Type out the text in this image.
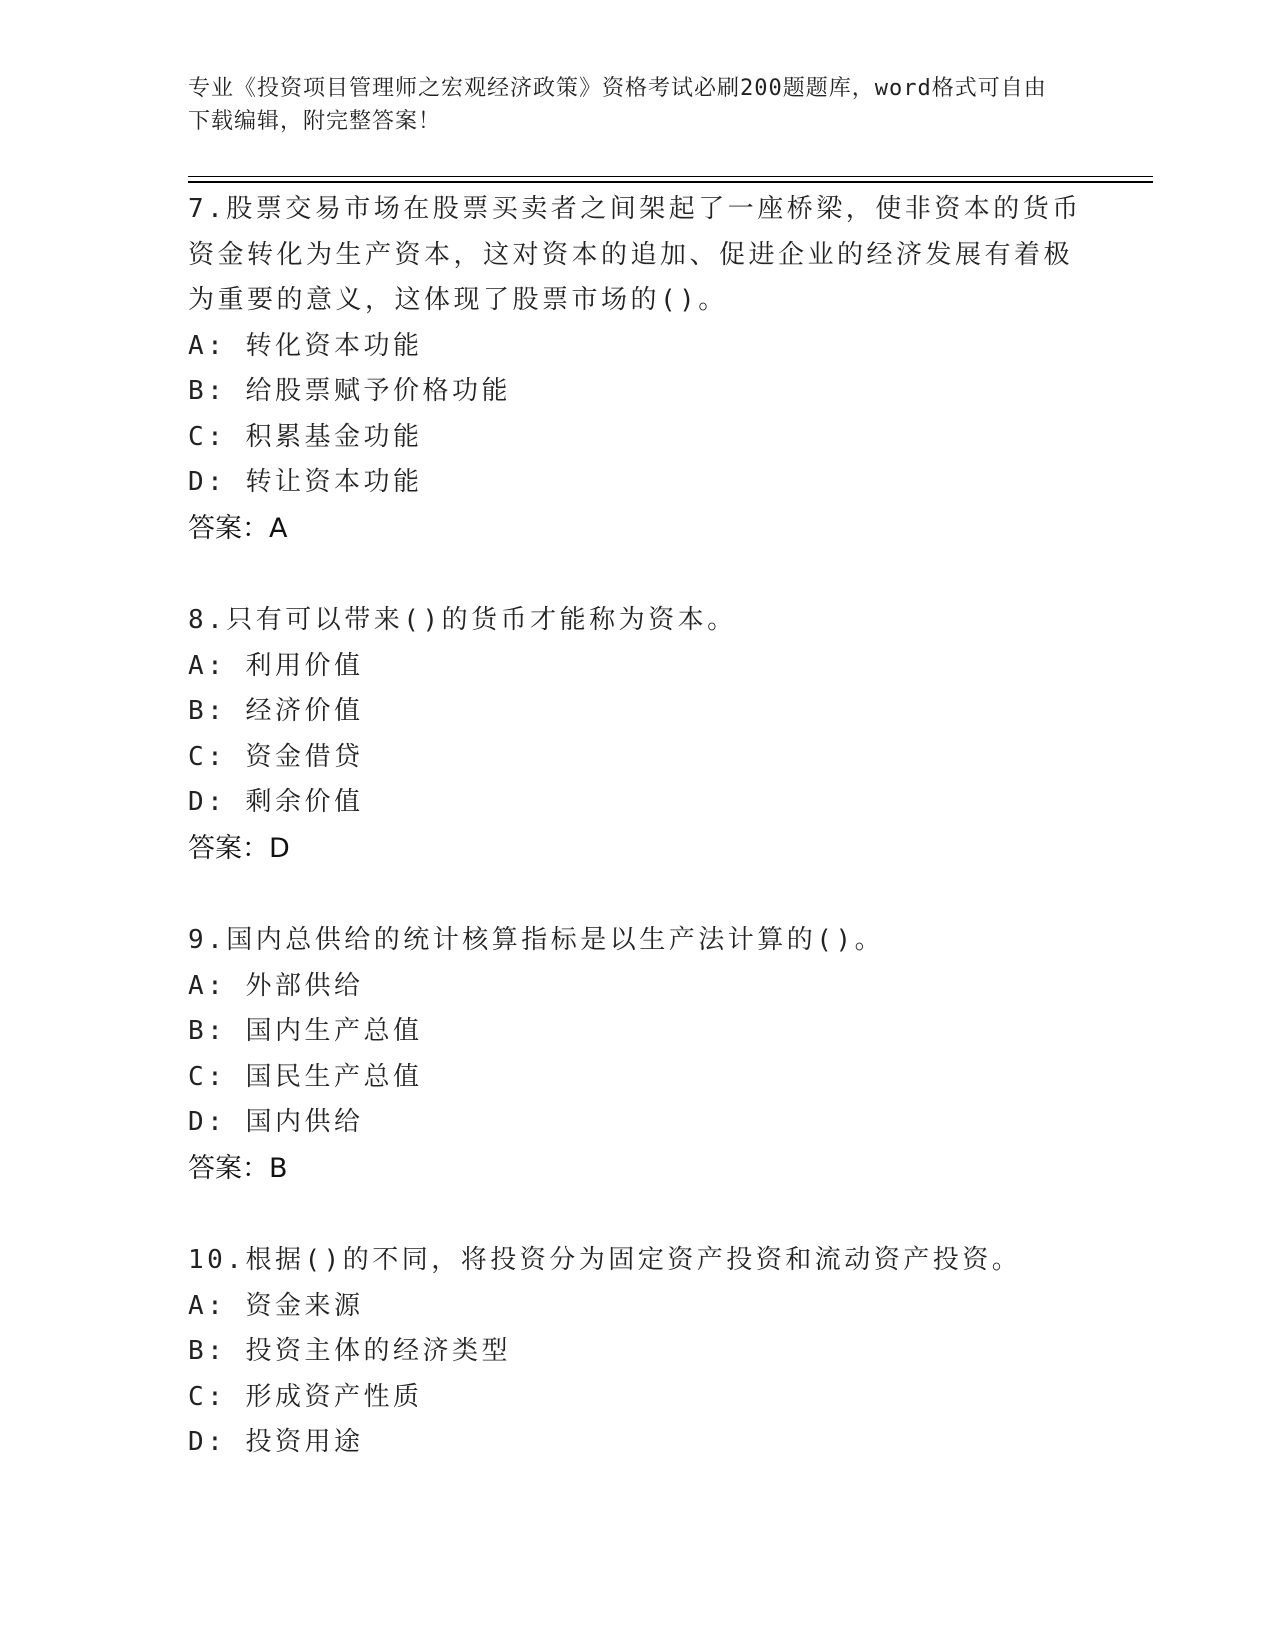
专业《投资项目管理师之宏观经济政策》资格考试必刷200题题库，word格式可自由下载编辑，附完整答案！

7.股票交易市场在股票买卖者之间架起了一座桥梁，使非资本的货币资金转化为生产资本，这对资本的追加、促进企业的经济发展有着极为重要的意义，这体现了股票市场的()。

A: 转化资本功能

B: 给股票赋予价格功能

C: 积累基金功能

D: 转让资本功能

答案：A

8.只有可以带来()的货币才能称为资本。

A: 利用价值

B: 经济价值

C: 资金借贷

D: 剩余价值

答案：D

9.国内总供给的统计核算指标是以生产法计算的()。

A: 外部供给

B: 国内生产总值

C: 国民生产总值

D: 国内供给

答案：B

10.根据()的不同，将投资分为固定资产投资和流动资产投资。

A: 资金来源

B: 投资主体的经济类型

C: 形成资产性质

D: 投资用途
